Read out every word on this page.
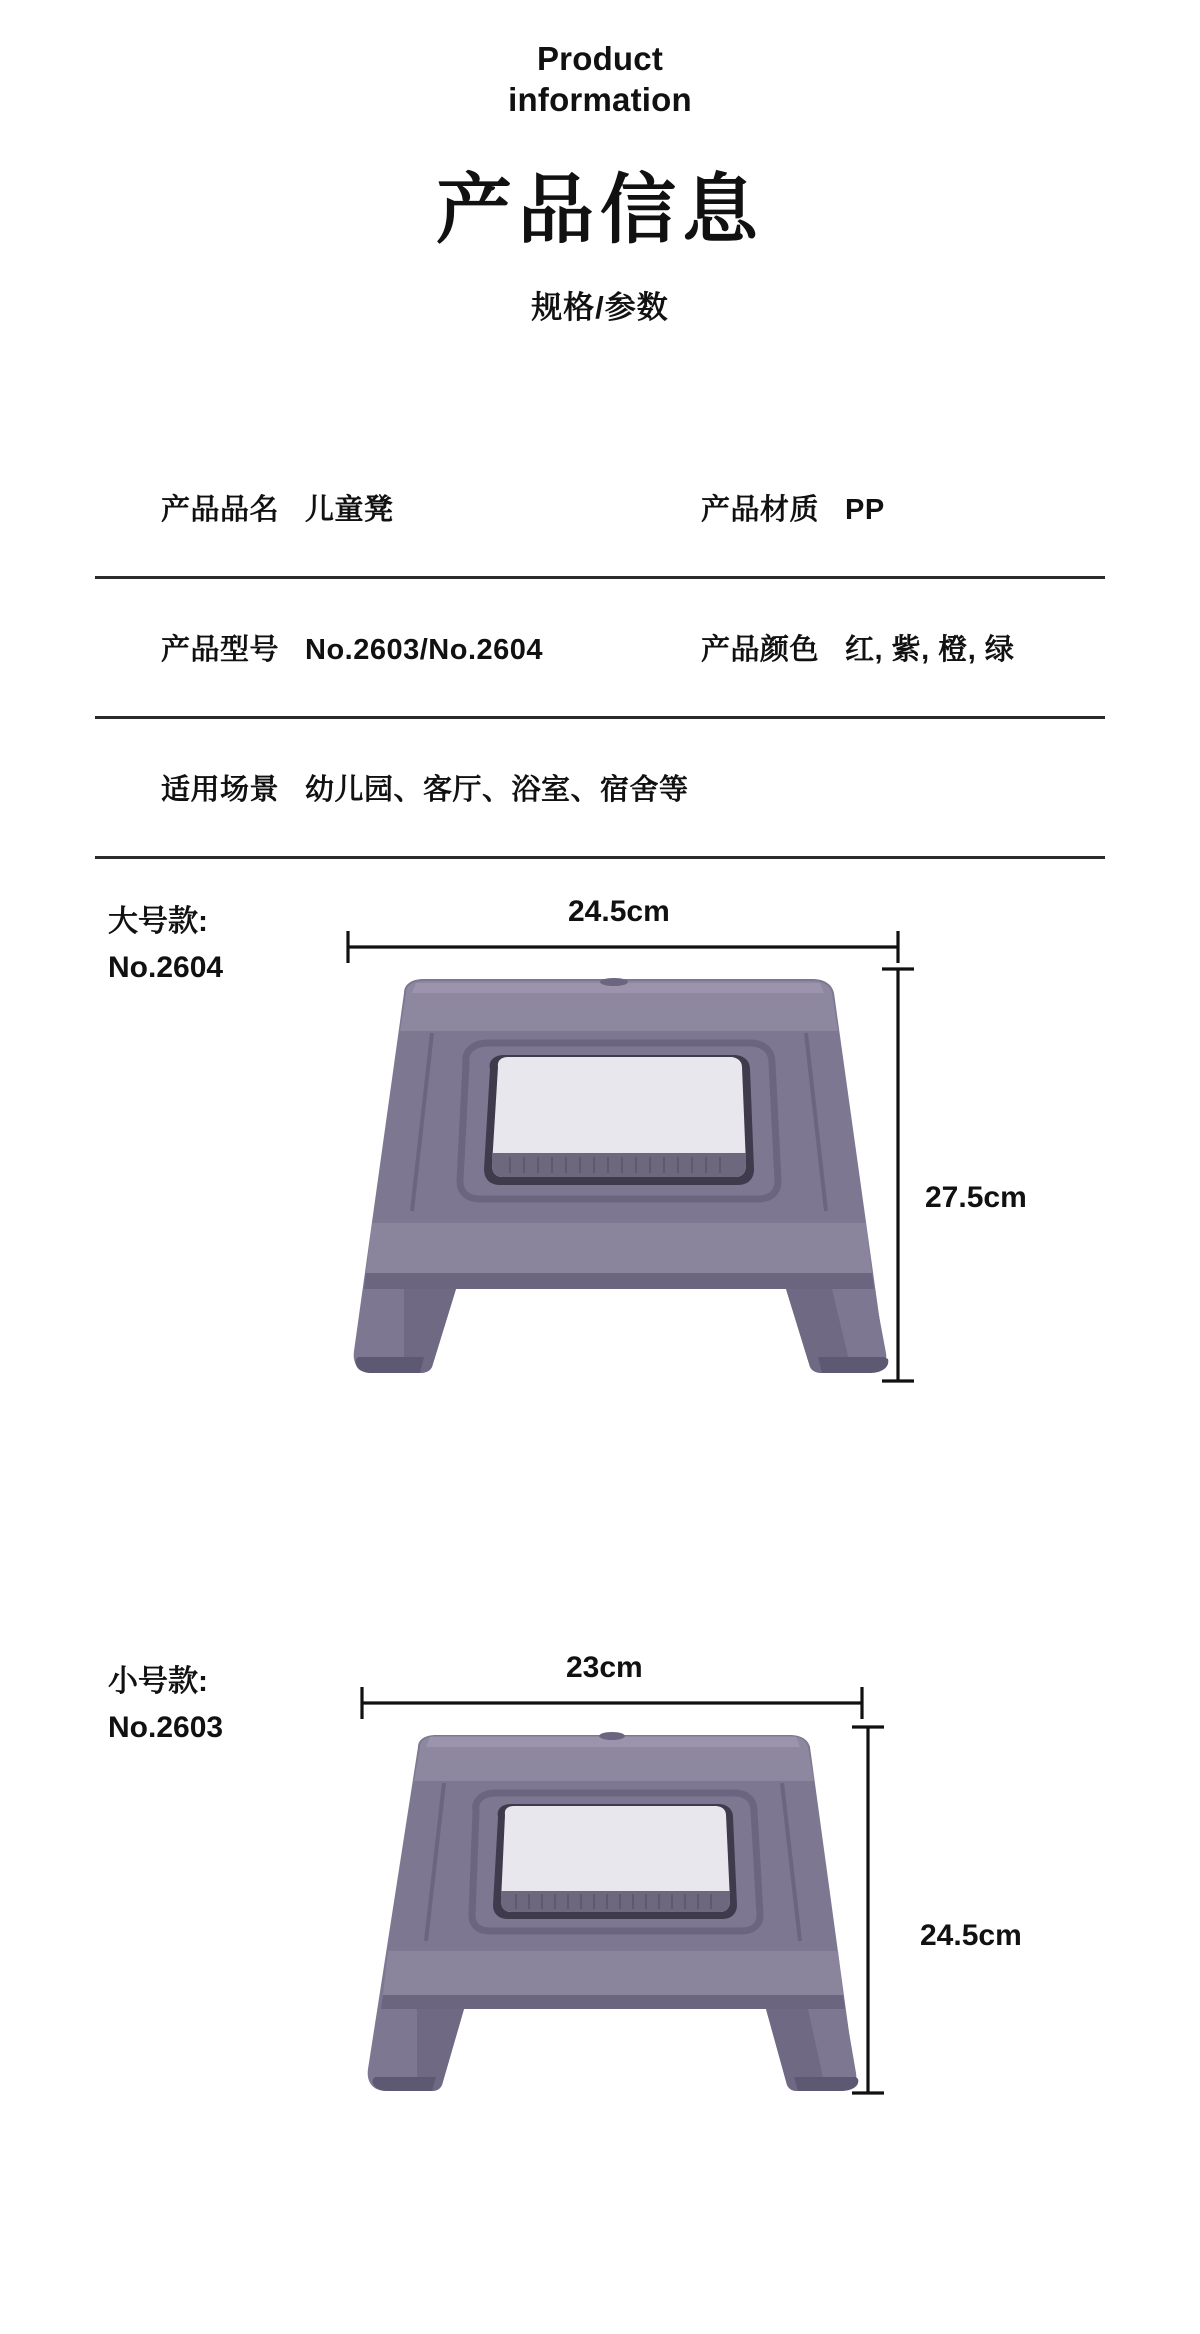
Product
information
产品信息
规格/参数
产品品名 儿童凳	产品材质 PP
产品型号 No.2603/No.2604	产品颜色 红, 紫, 橙, 绿
适用场景 幼儿园、客厅、浴室、宿舍等
大号款:
No.2604
24.5cm
27.5cm
小号款:
No.2603
23cm
24.5cm
